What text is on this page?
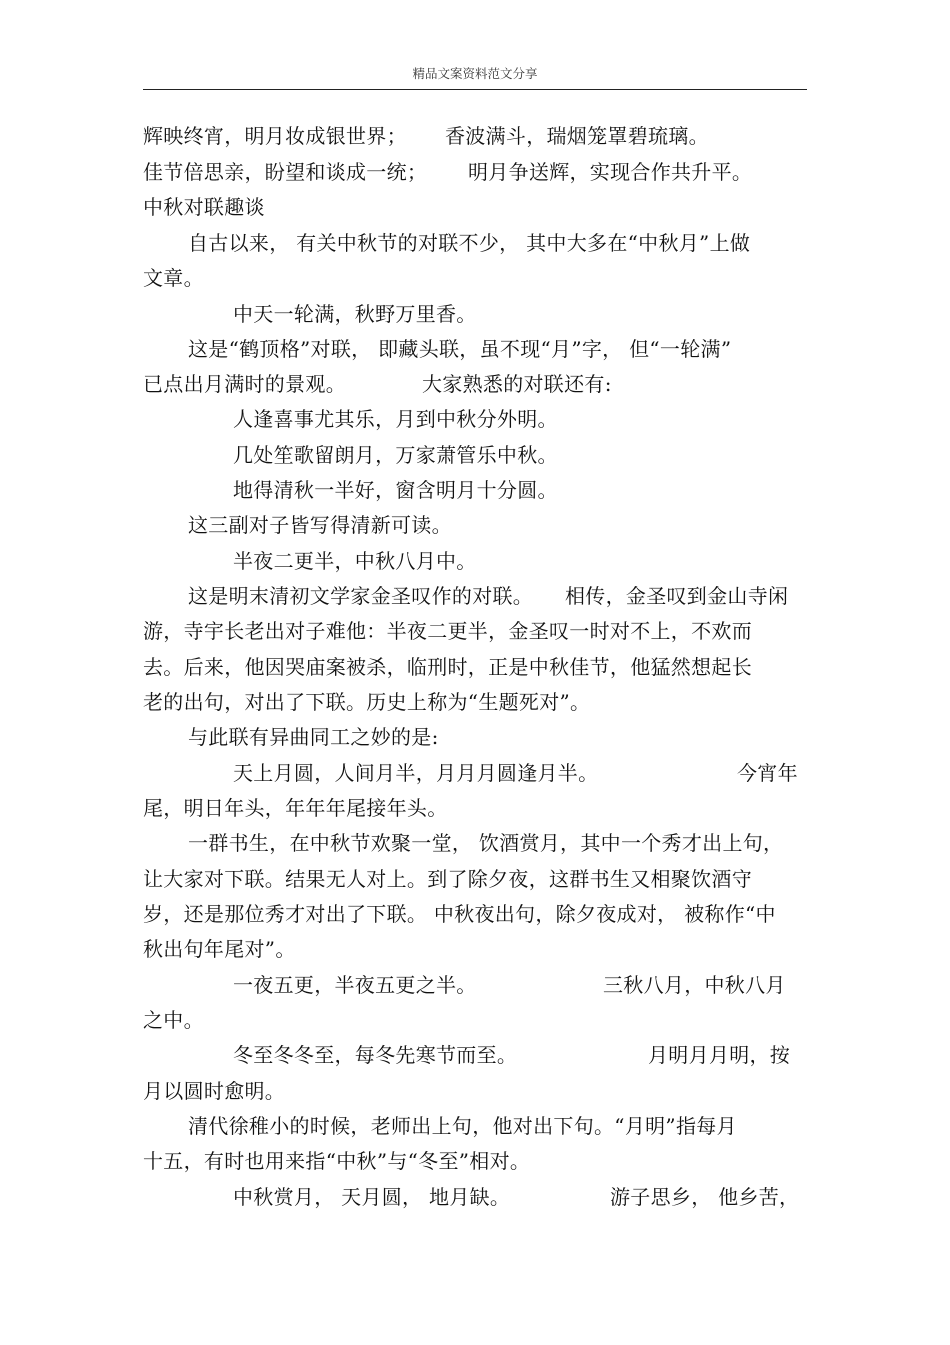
精品文案资料范文分享
辉映终宵，明月妆成银世界； 香波满斗，瑞烟笼罩碧琉璃。
佳节倍思亲，盼望和谈成一统； 明月争送辉，实现合作共升平。
中秋对联趣谈
自古以来， 有关中秋节的对联不少， 其中大多在“中秋月”上做
文章。
中天一轮满，秋野万里香。
这是“鹤顶格”对联， 即藏头联，虽不现“月”字， 但“一轮满”
已点出月满时的景观。	大家熟悉的对联还有:
人逢喜事尤其乐，月到中秋分外明。
几处笙歌留朗月，万家萧管乐中秋。
地得清秋一半好，窗含明月十分圆。
这三副对子皆写得清新可读。
半夜二更半，中秋八月中。
这是明末清初文学家金圣叹作的对联。 相传，金圣叹到金山寺闲
游，寺宇长老出对子难他：半夜二更半，金圣叹一时对不上，不欢而
去。后来，他因哭庙案被杀，临刑时，正是中秋佳节，他猛然想起长
老的出句，对出了下联。历史上称为“生题死对”。
与此联有异曲同工之妙的是:
天上月圆，人间月半，月月月圆逢月半。	今宵年
尾，明日年头，年年年尾接年头。
一群书生，在中秋节欢聚一堂， 饮酒赏月，其中一个秀才出上句，
让大家对下联。结果无人对上。到了除夕夜，这群书生又相聚饮酒守
岁，还是那位秀才对出了下联。 中秋夜出句，除夕夜成对， 被称作“中
秋出句年尾对”。
一夜五更，半夜五更之半。	三秋八月，中秋八月
之中。
冬至冬冬至，每冬先寒节而至。	月明月月明，按
月以圆时愈明。
清代徐稚小的时候，老师出上句，他对出下句。“月明”指每月
十五，有时也用来指“中秋”与“冬至”相对。
中秋赏月， 天月圆， 地月缺。	游子思乡， 他乡苦，
